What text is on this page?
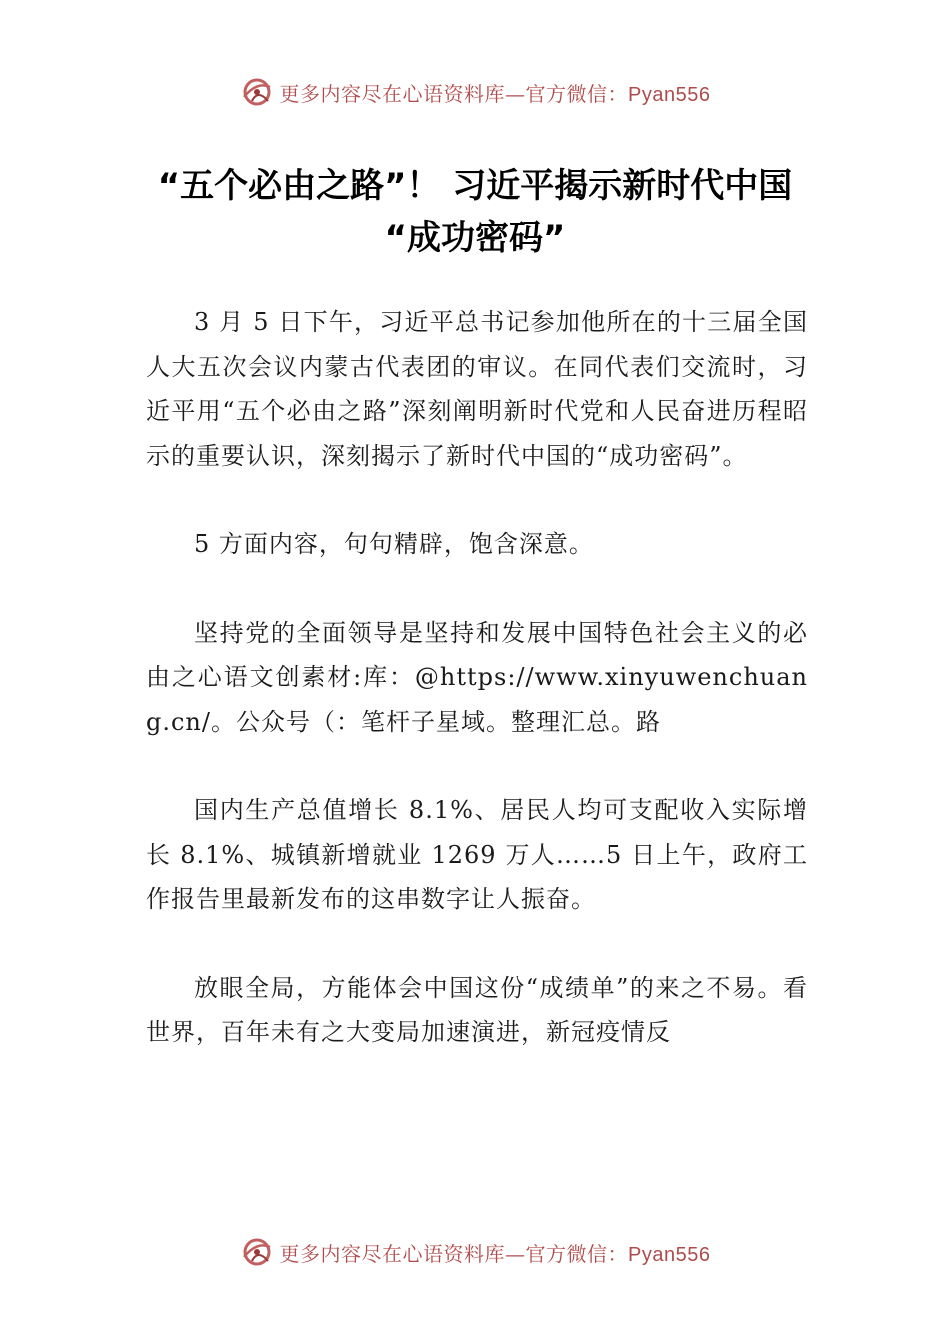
更多内容尽在心语资料库—官方微信：Pyan556
“五个必由之路”！ 习近平揭示新时代中国
“成功密码”

3 月 5 日下午，习近平总书记参加他所在的十三届全国人大五次会议内蒙古代表团的审议。在同代表们交流时，习近平用“五个必由之路”深刻阐明新时代党和人民奋进历程昭示的重要认识，深刻揭示了新时代中国的“成功密码”。

5 方面内容，句句精辟，饱含深意。

坚持党的全面领导是坚持和发展中国特色社会主义的必由之心语文创素材:库：@https://www.xinyuwenchuang.cn/。公众号（：笔杆子星域。整理汇总。路

国内生产总值增长 8.1%、居民人均可支配收入实际增长 8.1%、城镇新增就业 1269 万人……5 日上午，政府工作报告里最新发布的这串数字让人振奋。

放眼全局，方能体会中国这份“成绩单”的来之不易。看世界，百年未有之大变局加速演进，新冠疫情反

更多内容尽在心语资料库—官方微信：Pyan556
